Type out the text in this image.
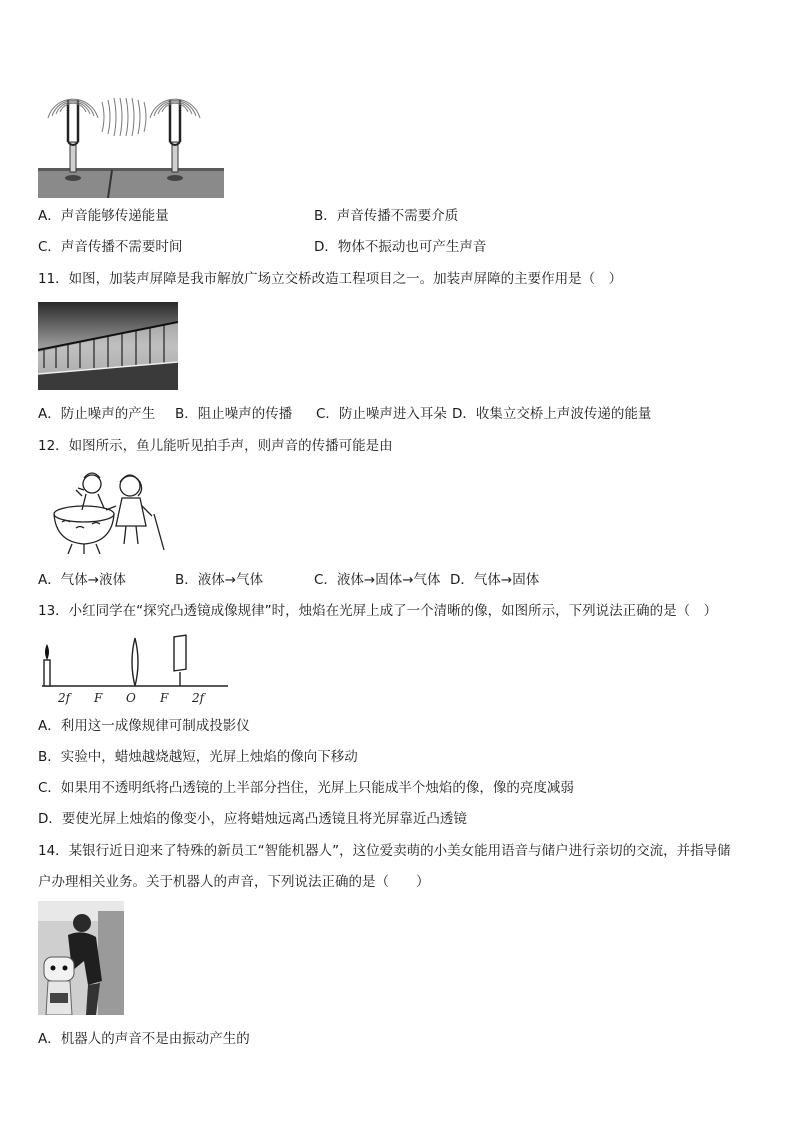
A．声音能够传递能量	B．声音传播不需要介质
C．声音传播不需要时间	D．物体不振动也可产生声音
11．如图，加装声屏障是我市解放广场立交桥改造工程项目之一。加装声屏障的主要作用是（　）
A．防止噪声的产生 B．阻止噪声的传播 C．防止噪声进入耳朵 D．收集立交桥上声波传递的能量
12．如图所示，鱼儿能听见拍手声，则声音的传播可能是由
A．气体→液体	B．液体→气体	C．液体→固体→气体 D．气体→固体
13．小红同学在“探究凸透镜成像规律”时，烛焰在光屏上成了一个清晰的像，如图所示，下列说法正确的是（　）
2f F O F 2f
A．利用这一成像规律可制成投影仪
B．实验中，蜡烛越烧越短，光屏上烛焰的像向下移动
C．如果用不透明纸将凸透镜的上半部分挡住，光屏上只能成半个烛焰的像，像的亮度减弱
D．要使光屏上烛焰的像变小，应将蜡烛远离凸透镜且将光屏靠近凸透镜
14．某银行近日迎来了特殊的新员工“智能机器人”，这位爱卖萌的小美女能用语音与储户进行亲切的交流，并指导储
户办理相关业务。关于机器人的声音，下列说法正确的是（　　）
A．机器人的声音不是由振动产生的
